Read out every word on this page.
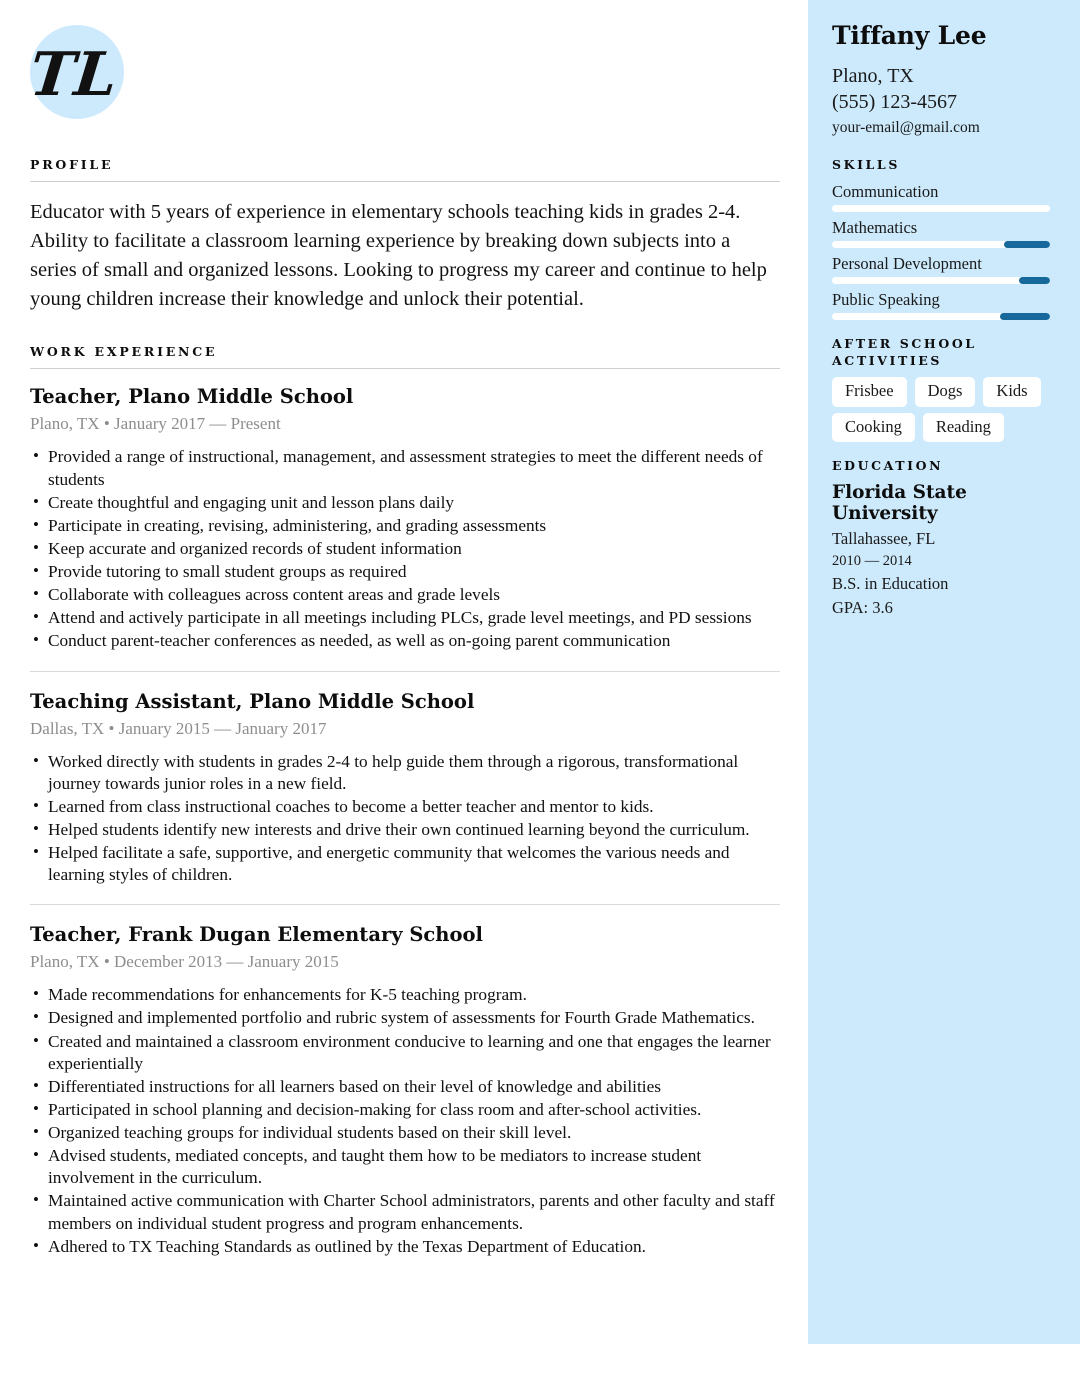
TL
PROFILE

Educator with 5 years of experience in elementary schools teaching kids in grades 2-4. Ability to facilitate a classroom learning experience by breaking down subjects into a series of small and organized lessons. Looking to progress my career and continue to help young children increase their knowledge and unlock their potential.

WORK EXPERIENCE
Teacher, Plano Middle School
Plano, TX • January 2017 — Present
• Provided a range of instructional, management, and assessment strategies to meet the different needs of students
• Create thoughtful and engaging unit and lesson plans daily
• Participate in creating, revising, administering, and grading assessments
• Keep accurate and organized records of student information
• Provide tutoring to small student groups as required
• Collaborate with colleagues across content areas and grade levels
• Attend and actively participate in all meetings including PLCs, grade level meetings, and PD sessions
• Conduct parent-teacher conferences as needed, as well as on-going parent communication
Teaching Assistant, Plano Middle School
Dallas, TX • January 2015 — January 2017
• Worked directly with students in grades 2-4 to help guide them through a rigorous, transformational journey towards junior roles in a new field.
• Learned from class instructional coaches to become a better teacher and mentor to kids.
• Helped students identify new interests and drive their own continued learning beyond the curriculum.
• Helped facilitate a safe, supportive, and energetic community that welcomes the various needs and learning styles of children.
Teacher, Frank Dugan Elementary School
Plano, TX • December 2013 — January 2015
• Made recommendations for enhancements for K-5 teaching program.
• Designed and implemented portfolio and rubric system of assessments for Fourth Grade Mathematics.
• Created and maintained a classroom environment conducive to learning and one that engages the learner experientially
• Differentiated instructions for all learners based on their level of knowledge and abilities
• Participated in school planning and decision-making for class room and after-school activities.
• Organized teaching groups for individual students based on their skill level.
• Advised students, mediated concepts, and taught them how to be mediators to increase student involvement in the curriculum.
• Maintained active communication with Charter School administrators, parents and other faculty and staff members on individual student progress and program enhancements.
• Adhered to TX Teaching Standards as outlined by the Texas Department of Education.
Tiffany Lee
Plano, TX
(555) 123-4567
your-email@gmail.com
SKILLS
Communication
Mathematics
Personal Development
Public Speaking
AFTER SCHOOL ACTIVITIES
Frisbee	Dogs	Kids
Cooking	Reading
EDUCATION
Florida State University
Tallahassee, FL
2010 — 2014
B.S. in Education
GPA: 3.6
